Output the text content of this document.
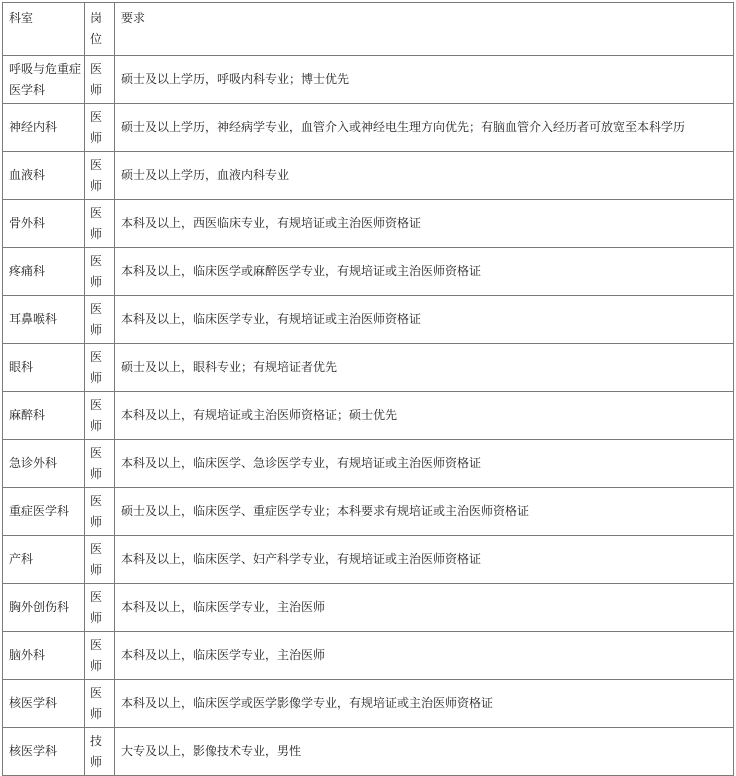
科室	岗位	要求

呼吸与危重症医学科	医师	硕士及以上学历，呼吸内科专业；博士优先

神经内科	医师	硕士及以上学历，神经病学专业，血管介入或神经电生理方向优先；有脑血管介入经历者可放宽至本科学历

血液科	医师	硕士及以上学历，血液内科专业

骨外科	医师	本科及以上，西医临床专业，有规培证或主治医师资格证

疼痛科	医师	本科及以上，临床医学或麻醉医学专业，有规培证或主治医师资格证

耳鼻喉科	医师	本科及以上，临床医学专业，有规培证或主治医师资格证

眼科	医师	硕士及以上，眼科专业；有规培证者优先

麻醉科	医师	本科及以上，有规培证或主治医师资格证；硕士优先

急诊外科	医师	本科及以上，临床医学、急诊医学专业，有规培证或主治医师资格证

重症医学科	医师	硕士及以上，临床医学、重症医学专业；本科要求有规培证或主治医师资格证

产科	医师	本科及以上，临床医学、妇产科学专业，有规培证或主治医师资格证

胸外创伤科	医师	本科及以上，临床医学专业，主治医师

脑外科	医师	本科及以上，临床医学专业，主治医师

核医学科	医师	本科及以上，临床医学或医学影像学专业，有规培证或主治医师资格证

核医学科	技师	大专及以上，影像技术专业，男性
